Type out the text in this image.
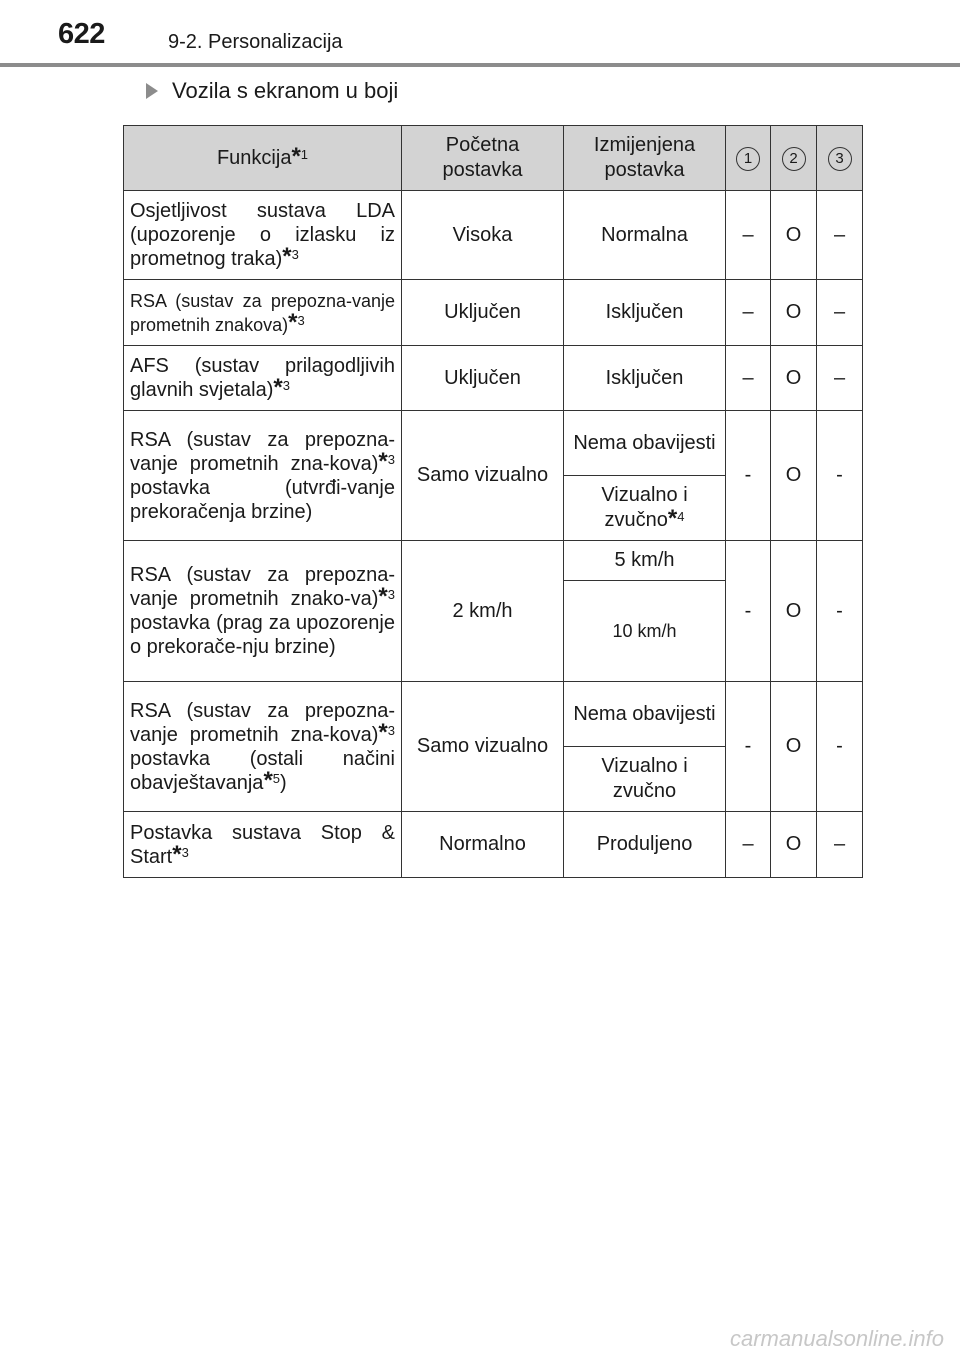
622	9-2. Personalizacija
Vozila s ekranom u boji
Funkcija*$^1$	Početna postavka	Izmijenjena postavka	1	2	3
Osjetljivost sustava LDA (upozorenje o izlasku iz prometnog traka)*$^3$	Visoka	Normalna	–	O	–
RSA (sustav za prepozna-vanje prometnih znakova)*$^3$	Uključen	Isključen	–	O	–
AFS (sustav prilagodljivih glavnih svjetala)*$^3$	Uključen	Isključen	–	O	–
RSA (sustav za prepozna-vanje prometnih zna-kova)*$^3$ postavka (utvrđi-vanje prekoračenja brzine)	Samo vizualno	Nema obavijesti	-	O	-
		Vizualno i zvučno*$^4$
RSA (sustav za prepozna-vanje prometnih znako-va)*$^3$ postavka (prag za upozorenje o prekorače-nju brzine)	2 km/h	5 km/h	-	O	-
		10 km/h			
RSA (sustav za prepozna-vanje prometnih zna-kova)*$^3$ postavka (ostali načini obavještavanja*$^5$)	Samo vizualno	Nema obavijesti	-	O	-
		Vizualno i zvučno			
Postavka sustava Stop & Start*$^3$	Normalno	Produljeno	–	O	–
carmanualsonline.info
